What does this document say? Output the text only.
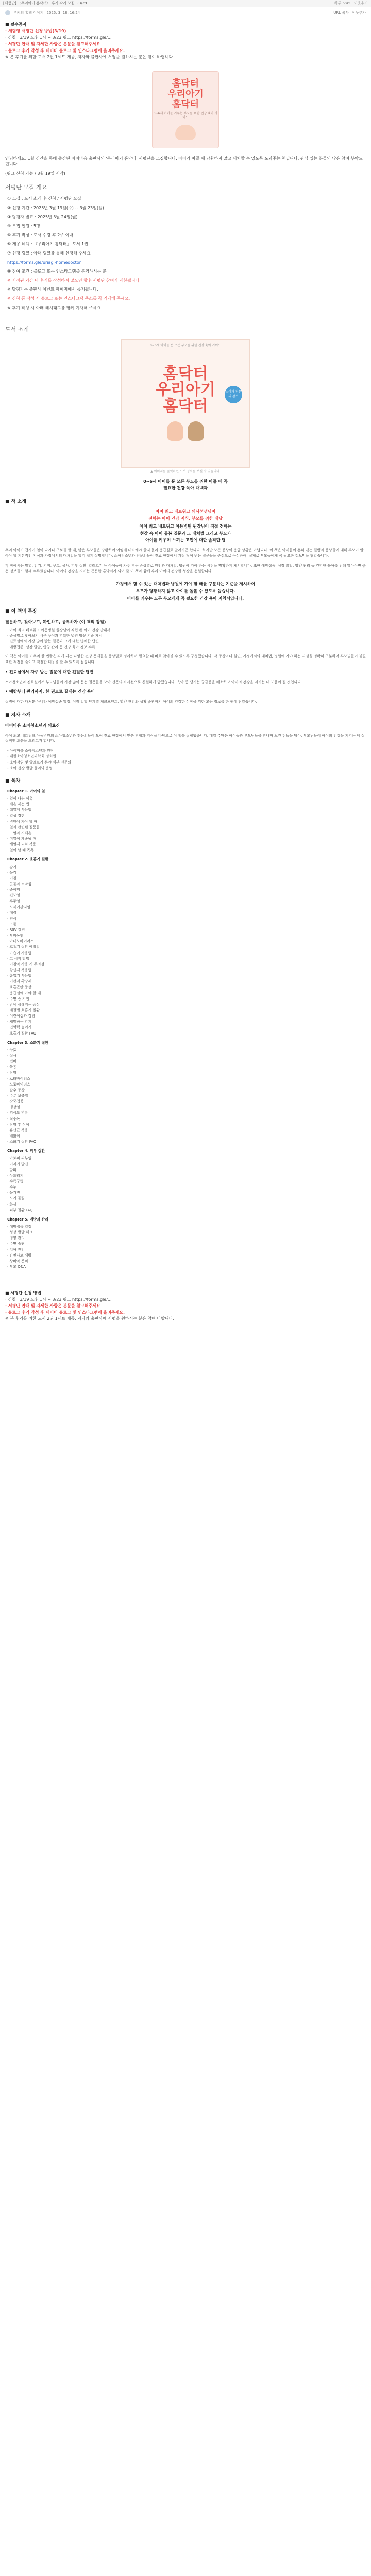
[체험단] 〈우리아기 홈닥터〉 후기 작가 모집 ~3/29	하루 6:45 · 이웃추가
루키의 홈책 이야기 2025. 3. 18. 16:24	URL 복사 이웃추가

■ 필수공지

· 체험형 서평단 신청 방법(3/19)

· 신청 : 3/19 오후 1시 ~ 3/23 링크 https://forms.gle/...

· 서평단 안내 및 자세한 사항은 본문을 참고해주세요

· 블로그 후기 작성 후 네이버 블로그 및 인스타그램에 올려주세요.

※ 본 후기를 위한 도서 2권 1세트 제공, 저자와 출판사에 서평을 원하시는 분은 참여 바랍니다.

홈닥터
우리아기
홈닥터
0~6세 아이를 키우는 부모를 위한 건강 육아 가이드

안녕하세요. 1월 신간을 통해 출간된 아이마음 출판사의 '우리아기 홈닥터' 서평단을 모집합니다. 아이가 아플 때 당황하지 않고 대처할 수 있도록 도와주는 책입니다. 관심 있는 분들의 많은 참여 부탁드립니다.

(링크 신청 가능 / 3월 19일 시작)

서평단 모집 개요

① 모집 : 도서 소개 후 신청 / 서평단 모집

② 신청 기간 : 2025년 3월 19일(수) ~ 3월 23일(일)

③ 당첨자 발표 : 2025년 3월 24일(월)

④ 모집 인원 : 5명

⑤ 후기 작성 : 도서 수령 후 2주 이내

⑥ 제공 혜택 : 『우리아기 홈닥터』 도서 1권

⑦ 신청 링크 : 아래 링크를 통해 신청해 주세요

https://forms.gle/uriagi-homedoctor

⑧ 참여 조건 : 블로그 또는 인스타그램을 운영하시는 분

※ 지정된 기간 내 후기를 작성하지 않으면 향후 서평단 참여가 제한됩니다.

※ 당첨자는 출판사 이벤트 페이지에서 공지됩니다.

※ 신청 폼 작성 시 블로그 또는 인스타그램 주소를 꼭 기재해 주세요.

※ 후기 작성 시 아래 해시태그를 함께 기재해 주세요.

도서 소개
0~6세 아이를 둔 모든 부모를 위한 건강 육아 가이드
홈닥터
우리아기
홈닥터
소아과 전문의 감수

▲ 이미지를 클릭하면 도서 정보를 보실 수 있습니다.

0~6세 아이를 둔 모든 부모를 위한 아플 때 꼭

필요한 건강 육아 대백과

■ 책 소개

아이 최고 네트워크 의사선생님이

전하는 아이 건강 지식, 부모를 위한 대답

아이 최고 네트워크 아동병원 원장님이 직접 전하는

현장 속 아이 돌봄 질문과 그 대처법 그리고 부모가

아이를 키우며 느끼는 고민에 대한 솔직한 답

우리 아이가 갑자기 열이 나거나 구토를 할 때, 많은 부모들은 당황하여 어떻게 대처해야 할지 몰라 응급실로 달려가곤 합니다. 하지만 모든 증상이 응급 상황은 아닙니다. 이 책은 아이들이 흔히 겪는 질병과 증상들에 대해 부모가 알아야 할 기본적인 지식과 가정에서의 대처법을 알기 쉽게 설명합니다. 소아청소년과 전문의들이 진료 현장에서 가장 많이 받는 질문들을 중심으로 구성하여, 실제로 부모들에게 꼭 필요한 정보만을 담았습니다.

각 장에서는 발열, 감기, 기침, 구토, 설사, 피부 질환, 알레르기 등 아이들이 자주 겪는 증상별로 원인과 대처법, 병원에 가야 하는 시점을 명확하게 제시합니다. 또한 예방접종, 성장 발달, 영양 관리 등 건강한 육아를 위해 알아두면 좋은 정보들도 함께 수록했습니다. 아이의 건강을 지키는 든든한 홈닥터가 되어 줄 이 책과 함께 우리 아이의 건강한 성장을 응원합니다.

가정에서 할 수 있는 대처법과 병원에 가야 할 때를 구분하는 기준을 제시하여

부모가 당황하지 않고 아이를 돌볼 수 있도록 돕습니다.

아이를 키우는 모든 부모에게 꼭 필요한 건강 육아 지침서입니다.

■ 이 책의 특징

질문하고, 찾아보고, 확인하고, 공부하자 (이 책의 장점)

· 아이 최고 네트워크 아동병원 원장님이 직접 쓴 아이 건강 안내서
· 증상별로 찾아보기 쉬운 구성과 명확한 병원 방문 기준 제시
· 진료실에서 가장 많이 받는 질문과 그에 대한 명쾌한 답변
· 예방접종, 성장 발달, 영양 관리 등 건강 육아 정보 수록

이 책은 아이를 키우며 한 번쯤은 겪게 되는 다양한 건강 문제들을 증상별로 정리하여 필요할 때 바로 찾아볼 수 있도록 구성했습니다. 각 증상마다 원인, 가정에서의 대처법, 병원에 가야 하는 시점을 명확히 구분하여 부모님들이 불필요한 걱정을 줄이고 적절한 대응을 할 수 있도록 돕습니다.

• 진료실에서 자주 받는 질문에 대한 친절한 답변

소아청소년과 진료실에서 부모님들이 가장 많이 묻는 질문들을 모아 전문의의 시선으로 친절하게 답했습니다. 육아 중 생기는 궁금증을 해소하고 아이의 건강을 지키는 데 도움이 될 것입니다.

• 예방부터 관리까지, 한 권으로 끝내는 건강 육아

질병에 대한 대처뿐 아니라 예방접종 일정, 성장 발달 단계별 체크포인트, 영양 관리와 생활 습관까지 아이의 건강한 성장을 위한 모든 정보를 한 권에 담았습니다.

■ 저자 소개

아이마음 소아청소년과 의료진

아이 최고 네트워크 아동병원의 소아청소년과 전문의들이 모여 진료 현장에서 얻은 경험과 지식을 바탕으로 이 책을 집필했습니다. 매일 수많은 아이들과 부모님들을 만나며 느낀 점들을 담아, 부모님들이 아이의 건강을 지키는 데 실질적인 도움을 드리고자 합니다.

- 아이마음 소아청소년과 원장
- 대한소아청소년과학회 정회원
- 소아감염 및 알레르기 분야 세부 전문의
- 소아 성장 발달 클리닉 운영
■ 목차
Chapter 1. 아이의 열
· 열이 나는 이유
· 체온 재는 법
· 해열제 사용법
· 열성 경련
· 병원에 가야 할 때
· 열과 관련된 질문들
· 고열과 저체온
· 미열이 계속될 때
· 해열제 교차 복용
· 열이 날 때 목욕
Chapter 2. 호흡기 질환
· 감기
· 독감
· 기침
· 콧물과 코막힘
· 중이염
· 편도염
· 후두염
· 모세기관지염
· 폐렴
· 천식
· 크룹
· RSV 감염
· 부비동염
· 아데노바이러스
· 호흡기 질환 예방법
· 가습기 사용법
· 코 세척 방법
· 기침약 사용 시 주의점
· 항생제 복용법
· 흡입기 사용법
· 기관지 확장제
· 호흡곤란 증상
· 응급실에 가야 할 때
· 수면 중 기침
· 밤에 심해지는 증상
· 계절별 호흡기 질환
· 어린이집과 감염
· 재발하는 감기
· 면역력 높이기
· 호흡기 질환 FAQ
Chapter 3. 소화기 질환
· 구토
· 설사
· 변비
· 복통
· 장염
· 로타바이러스
· 노로바이러스
· 탈수 증상
· 수분 보충법
· 장중첩증
· 맹장염
· 위식도 역류
· 식중독
· 장염 후 식이
· 유산균 복용
· 배앓이
· 소화기 질환 FAQ
Chapter 4. 피부 질환
· 아토피 피부염
· 기저귀 발진
· 땀띠
· 두드러기
· 수족구병
· 수두
· 농가진
· 모기 물림
· 화상
· 피부 질환 FAQ
Chapter 5. 예방과 관리
· 예방접종 일정
· 성장 발달 체크
· 영양 관리
· 수면 습관
· 치아 관리
· 안전사고 예방
· 상비약 준비
· 부모 Q&A

■ 서평단 신청 방법

· 신청 : 3/19 오후 1시 ~ 3/23 링크 https://forms.gle/...

· 서평단 안내 및 자세한 사항은 본문을 참고해주세요

· 블로그 후기 작성 후 네이버 블로그 및 인스타그램에 올려주세요.

※ 본 후기를 위한 도서 2권 1세트 제공, 저자와 출판사에 서평을 원하시는 분은 참여 바랍니다.
